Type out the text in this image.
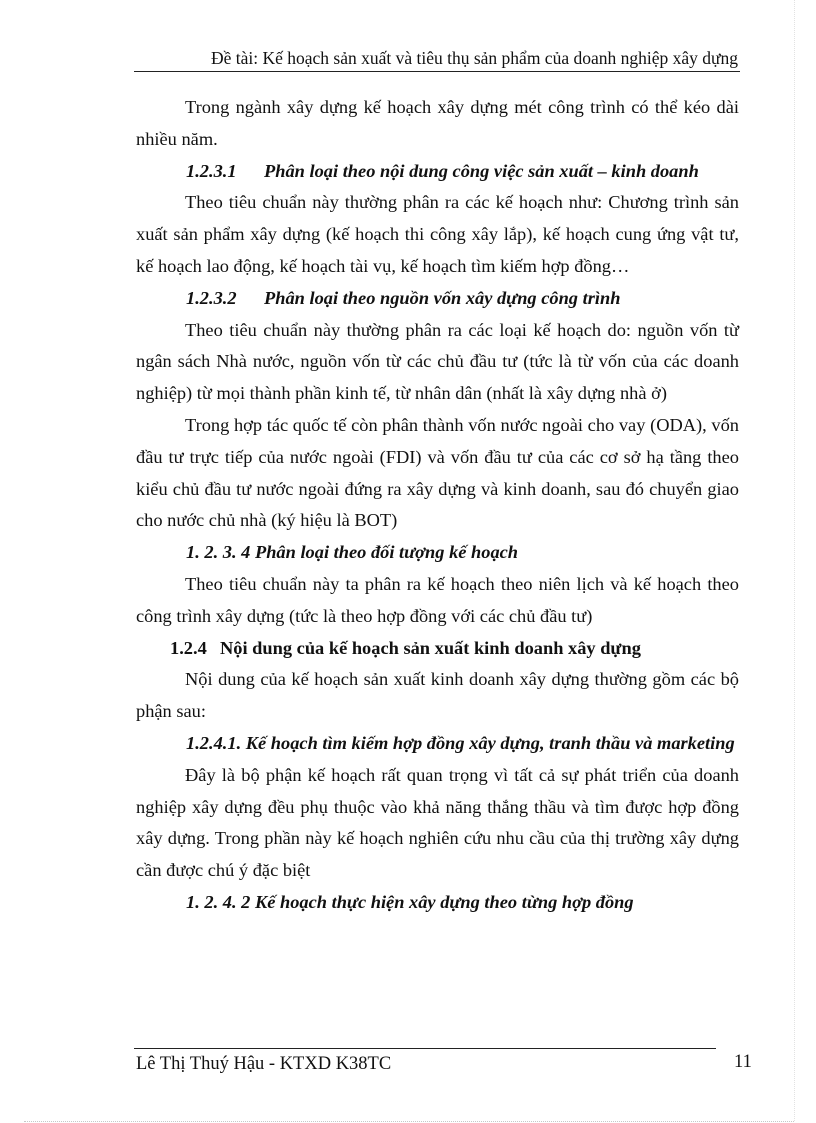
Đề tài: Kế hoạch sản xuất và tiêu thụ sản phẩm của doanh nghiệp xây dựng

Trong ngành xây dựng kế hoạch xây dựng mét công trình có thể kéo dài nhiều năm.

1.2.3.1 Phân loại theo nội dung công việc sản xuất – kinh doanh

Theo tiêu chuẩn này thường phân ra các kế hoạch như: Chương trình sản xuất sản phẩm xây dựng (kế hoạch thi công xây lắp), kế hoạch cung ứng vật tư, kế hoạch lao động, kế hoạch tài vụ, kế hoạch tìm kiếm hợp đồng…

1.2.3.2 Phân loại theo nguồn vốn xây dựng công trình

Theo tiêu chuẩn này thường phân ra các loại kế hoạch do: nguồn vốn từ ngân sách Nhà nước, nguồn vốn từ các chủ đầu tư (tức là từ vốn của các doanh nghiệp) từ mọi thành phần kinh tế, từ nhân dân (nhất là xây dựng nhà ở)

Trong hợp tác quốc tế còn phân thành vốn nước ngoài cho vay (ODA), vốn đầu tư trực tiếp của nước ngoài (FDI) và vốn đầu tư của các cơ sở hạ tầng theo kiểu chủ đầu tư nước ngoài đứng ra xây dựng và kinh doanh, sau đó chuyển giao cho nước chủ nhà (ký hiệu là BOT)

1. 2. 3. 4 Phân loại theo đối tượng kế hoạch

Theo tiêu chuẩn này ta phân ra kế hoạch theo niên lịch và kế hoạch theo công trình xây dựng (tức là theo hợp đồng với các chủ đầu tư)

1.2.4 Nội dung của kế hoạch sản xuất kinh doanh xây dựng

Nội dung của kế hoạch sản xuất kinh doanh xây dựng thường gồm các bộ phận sau:

1.2.4.1. Kế hoạch tìm kiếm hợp đồng xây dựng, tranh thầu và marketing

Đây là bộ phận kế hoạch rất quan trọng vì tất cả sự phát triển của doanh nghiệp xây dựng đều phụ thuộc vào khả năng thắng thầu và tìm được hợp đồng xây dựng. Trong phần này kế hoạch nghiên cứu nhu cầu của thị trường xây dựng cần được chú ý đặc biệt

1. 2. 4. 2 Kế hoạch thực hiện xây dựng theo từng hợp đồng

Lê Thị Thuý Hậu - KTXD K38TC	11
